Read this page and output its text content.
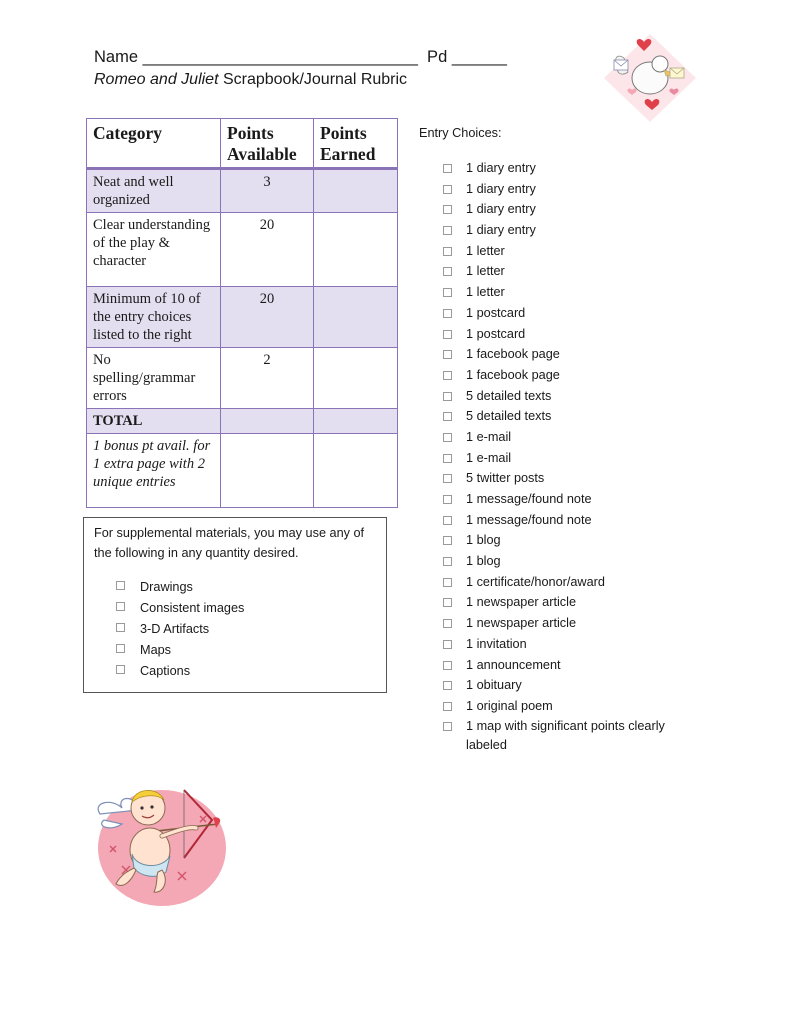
Name ______________________________  Pd ______
Romeo and Juliet Scrapbook/Journal Rubric
Category	Points Available	Points Earned
Neat and well organized	3	
Clear understanding of the play & character	20	
Minimum of 10 of the entry choices listed to the right	20	
No spelling/grammar errors	2	
TOTAL		
1 bonus pt avail. for 1 extra page with 2 unique entries		
For supplemental materials, you may use any of the following in any quantity desired.
Drawings
Consistent images
3-D Artifacts
Maps
Captions
Entry Choices:
1 diary entry
1 diary entry
1 diary entry
1 diary entry
1 letter
1 letter
1 letter
1 postcard
1 postcard
1 facebook page
1 facebook page
5 detailed texts
5 detailed texts
1 e-mail
1 e-mail
5 twitter posts
1 message/found note
1 message/found note
1 blog
1 blog
1 certificate/honor/award
1 newspaper article
1 newspaper article
1 invitation
1 announcement
1 obituary
1 original poem
1 map with significant points clearly labeled
